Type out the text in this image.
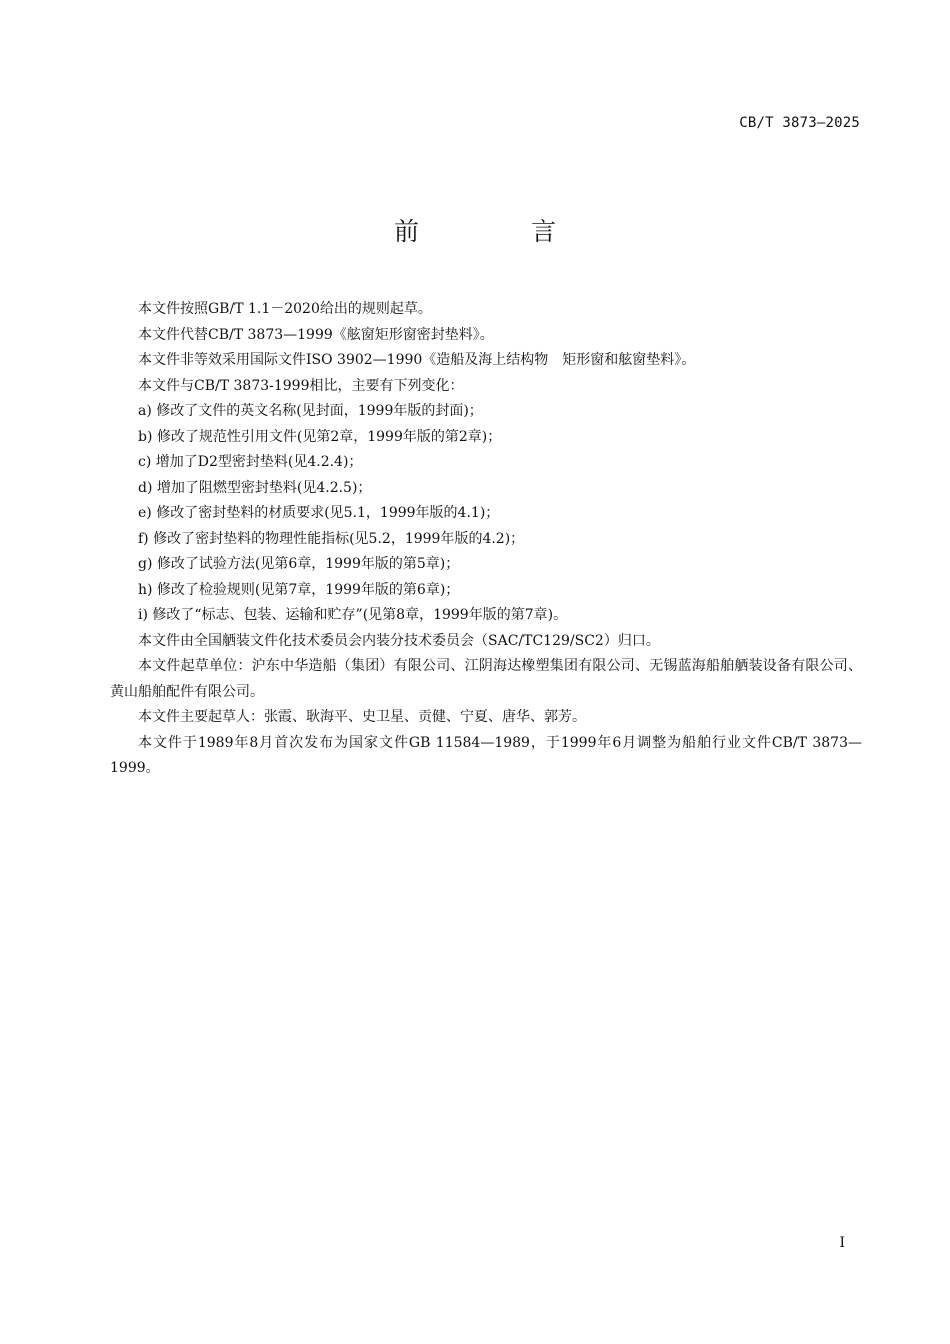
CB/T 3873—2025
前 言

本文件按照GB/T 1.1－2020给出的规则起草。

本文件代替CB/T 3873—1999《舷窗矩形窗密封垫料》。

本文件非等效采用国际文件ISO 3902—1990《造船及海上结构物　矩形窗和舷窗垫料》。

本文件与CB/T 3873-1999相比，主要有下列变化：

a) 修改了文件的英文名称(见封面，1999年版的封面)；

b) 修改了规范性引用文件(见第2章，1999年版的第2章)；

c) 增加了D2型密封垫料(见4.2.4)；

d) 增加了阻燃型密封垫料(见4.2.5)；

e) 修改了密封垫料的材质要求(见5.1，1999年版的4.1)；

f) 修改了密封垫料的物理性能指标(见5.2，1999年版的4.2)；

g) 修改了试验方法(见第6章，1999年版的第5章)；

h) 修改了检验规则(见第7章，1999年版的第6章)；

i) 修改了“标志、包装、运输和贮存”(见第8章，1999年版的第7章)。

本文件由全国舾装文件化技术委员会内装分技术委员会（SAC/TC129/SC2）归口。

本文件起草单位：沪东中华造船（集团）有限公司、江阴海达橡塑集团有限公司、无锡蓝海船舶舾装设备有限公司、黄山船舶配件有限公司。

本文件主要起草人：张霞、耿海平、史卫星、贡健、宁夏、唐华、郭芳。

本文件于1989年8月首次发布为国家文件GB 11584—1989，于1999年6月调整为船舶行业文件CB/T 3873—1999。

I
